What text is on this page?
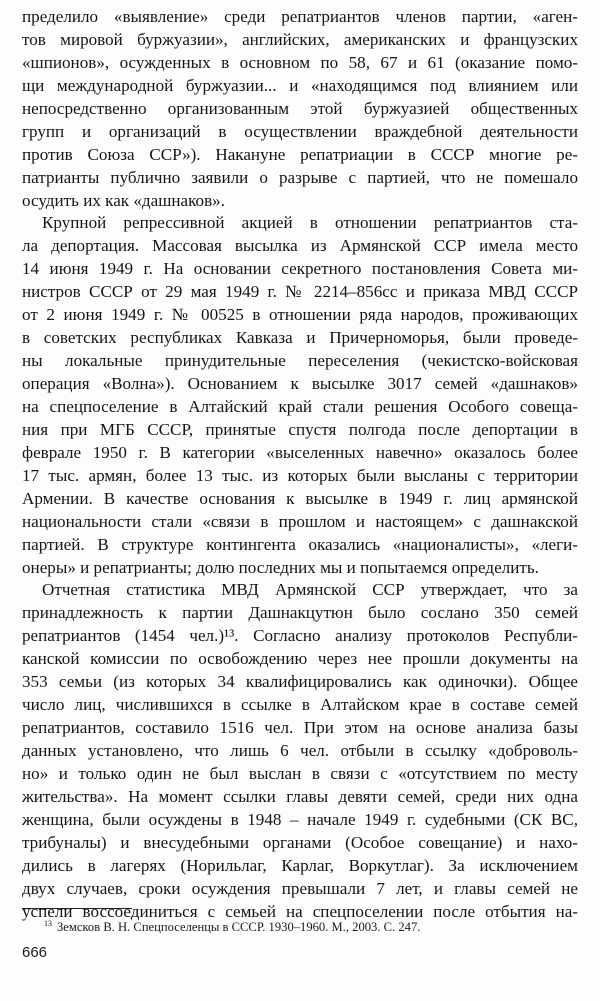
пределило «выявление» среди репатриантов членов партии, «аген-
тов мировой буржуазии», английских, американских и французских
«шпионов», осужденных в основном по 58, 67 и 61 (оказание помо-
щи международной буржуазии... и «находящимся под влиянием или
непосредственно организованным этой буржуазией общественных
групп и организаций в осуществлении враждебной деятельности
против Союза ССР»). Накануне репатриации в СССР многие ре-
патрианты публично заявили о разрыве с партией, что не помешало
осудить их как «дашнаков».
Крупной репрессивной акцией в отношении репатриантов ста-
ла депортация. Массовая высылка из Армянской ССР имела место
14 июня 1949 г. На основании секретного постановления Совета ми-
нистров СССР от 29 мая 1949 г. № 2214–856сс и приказа МВД СССР
от 2 июня 1949 г. № 00525 в отношении ряда народов, проживающих
в советских республиках Кавказа и Причерноморья, были проведе-
ны локальные принудительные переселения (чекистско-войсковая
операция «Волна»). Основанием к высылке 3017 семей «дашнаков»
на спецпоселение в Алтайский край стали решения Особого совеща-
ния при МГБ СССР, принятые спустя полгода после депортации в
феврале 1950 г. В категории «выселенных навечно» оказалось более
17 тыс. армян, более 13 тыс. из которых были высланы с территории
Армении. В качестве основания к высылке в 1949 г. лиц армянской
национальности стали «связи в прошлом и настоящем» с дашнакской
партией. В структуре контингента оказались «националисты», «леги-
онеры» и репатрианты; долю последних мы и попытаемся определить.
Отчетная статистика МВД Армянской ССР утверждает, что за
принадлежность к партии Дашнакцутюн было сослано 350 семей
репатриантов (1454 чел.)¹³. Согласно анализу протоколов Республи-
канской комиссии по освобождению через нее прошли документы на
353 семьи (из которых 34 квалифицировались как одиночки). Общее
число лиц, числившихся в ссылке в Алтайском крае в составе семей
репатриантов, составило 1516 чел. При этом на основе анализа базы
данных установлено, что лишь 6 чел. отбыли в ссылку «доброволь-
но» и только один не был выслан в связи с «отсутствием по месту
жительства». На момент ссылки главы девяти семей, среди них одна
женщина, были осуждены в 1948 – начале 1949 г. судебными (СК ВС,
трибуналы) и внесудебными органами (Особое совещание) и нахо-
дились в лагерях (Норильлаг, Карлаг, Воркутлаг). За исключением
двух случаев, сроки осуждения превышали 7 лет, и главы семей не
успели воссоединиться с семьей на спецпоселении после отбытия на-
$^{13}$ Земсков В. Н. Спецпоселенцы в СССР. 1930–1960. М., 2003. С. 247.
666
